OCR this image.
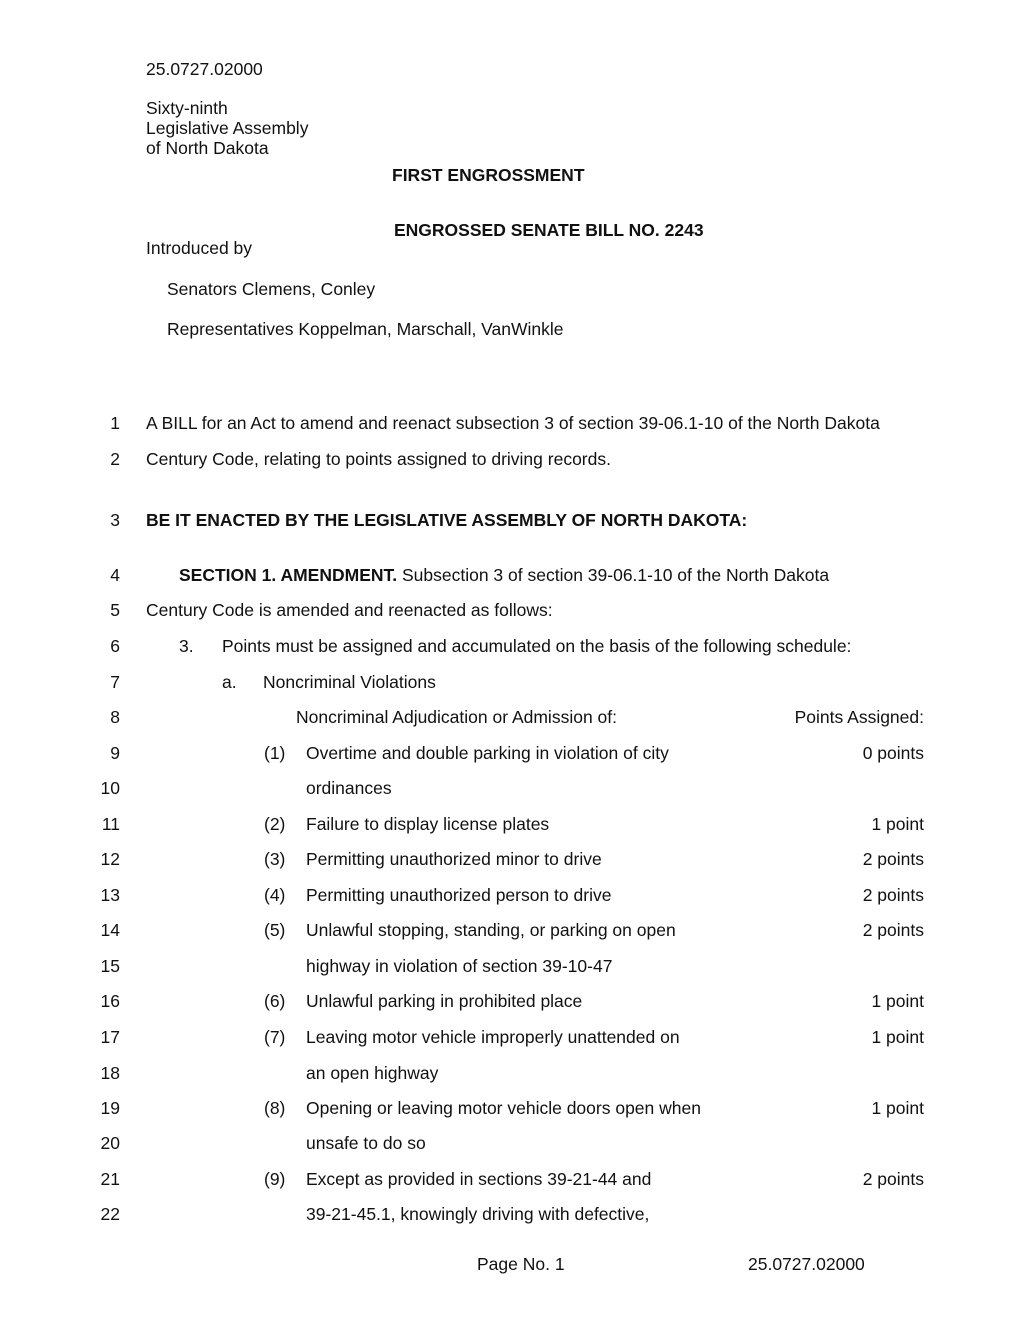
25.0727.02000
Sixty-ninth
Legislative Assembly
of North Dakota
FIRST ENGROSSMENT
ENGROSSED SENATE BILL NO. 2243
Introduced by
Senators Clemens, Conley
Representatives Koppelman, Marschall, VanWinkle
1
2
3
4
5
6
7
8
9
10
11
12
13
14
15
16
17
18
19
20
21
22
A BILL for an Act to amend and reenact subsection 3 of section 39-06.1-10 of the North Dakota
Century Code, relating to points assigned to driving records.
BE IT ENACTED BY THE LEGISLATIVE ASSEMBLY OF NORTH DAKOTA:
SECTION 1. AMENDMENT. Subsection 3 of section 39-06.1-10 of the North Dakota
Century Code is amended and reenacted as follows:
3. Points must be assigned and accumulated on the basis of the following schedule:
a. Noncriminal Violations
Noncriminal Adjudication or Admission of:	Points Assigned:
(1) Overtime and double parking in violation of city	0 points
ordinances
(2) Failure to display license plates	1 point
(3) Permitting unauthorized minor to drive	2 points
(4) Permitting unauthorized person to drive	2 points
(5) Unlawful stopping, standing, or parking on open	2 points
highway in violation of section 39-10-47
(6) Unlawful parking in prohibited place	1 point
(7) Leaving motor vehicle improperly unattended on	1 point
an open highway
(8) Opening or leaving motor vehicle doors open when	1 point
unsafe to do so
(9) Except as provided in sections 39-21-44 and	2 points
39-21-45.1, knowingly driving with defective,
Page No. 1	25.0727.02000
